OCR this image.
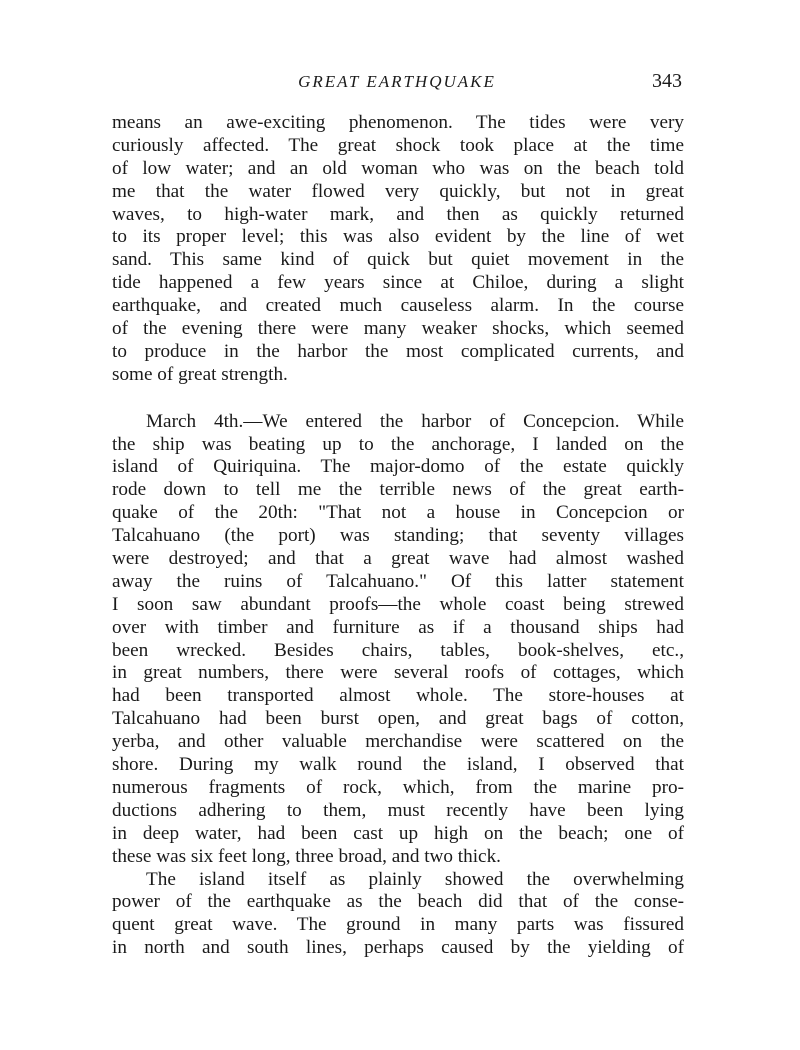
GREAT EARTHQUAKE	343
means an awe-exciting phenomenon. The tides were very
curiously affected. The great shock took place at the time
of low water; and an old woman who was on the beach told
me that the water flowed very quickly, but not in great
waves, to high-water mark, and then as quickly returned
to its proper level; this was also evident by the line of wet
sand. This same kind of quick but quiet movement in the
tide happened a few years since at Chiloe, during a slight
earthquake, and created much causeless alarm. In the course
of the evening there were many weaker shocks, which seemed
to produce in the harbor the most complicated currents, and
some of great strength.
March 4th.—We entered the harbor of Concepcion. While
the ship was beating up to the anchorage, I landed on the
island of Quiriquina. The major-domo of the estate quickly
rode down to tell me the terrible news of the great earth-
quake of the 20th: "That not a house in Concepcion or
Talcahuano (the port) was standing; that seventy villages
were destroyed; and that a great wave had almost washed
away the ruins of Talcahuano." Of this latter statement
I soon saw abundant proofs—the whole coast being strewed
over with timber and furniture as if a thousand ships had
been wrecked. Besides chairs, tables, book-shelves, etc.,
in great numbers, there were several roofs of cottages, which
had been transported almost whole. The store-houses at
Talcahuano had been burst open, and great bags of cotton,
yerba, and other valuable merchandise were scattered on the
shore. During my walk round the island, I observed that
numerous fragments of rock, which, from the marine pro-
ductions adhering to them, must recently have been lying
in deep water, had been cast up high on the beach; one of
these was six feet long, three broad, and two thick.
The island itself as plainly showed the overwhelming
power of the earthquake as the beach did that of the conse-
quent great wave. The ground in many parts was fissured
in north and south lines, perhaps caused by the yielding of
